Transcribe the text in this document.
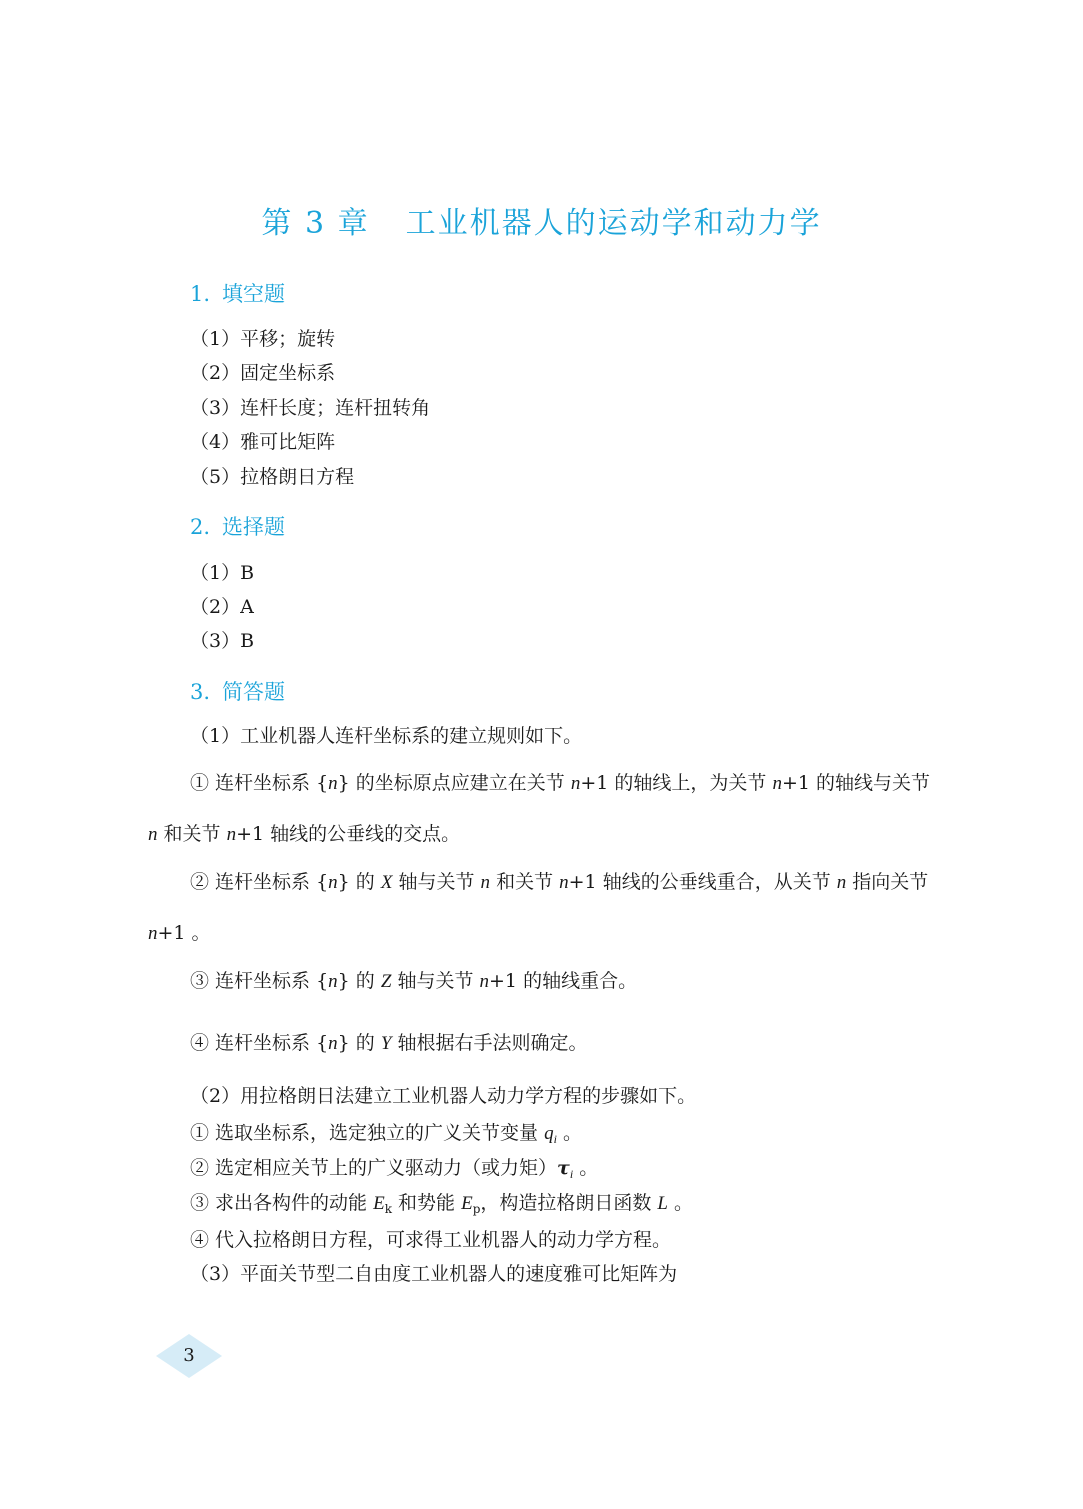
第 3 章 工业机器人的运动学和动力学
1. 填空题
（1）平移；旋转
（2）固定坐标系
（3）连杆长度；连杆扭转角
（4）雅可比矩阵
（5）拉格朗日方程
2. 选择题
（1）B
（2）A
（3）B
3. 简答题
（1）工业机器人连杆坐标系的建立规则如下。
① 连杆坐标系 {n} 的坐标原点应建立在关节 n+1 的轴线上，为关节 n+1 的轴线与关节
n 和关节 n+1 轴线的公垂线的交点。
② 连杆坐标系 {n} 的 X 轴与关节 n 和关节 n+1 轴线的公垂线重合，从关节 n 指向关节
n+1 。
③ 连杆坐标系 {n} 的 Z 轴与关节 n+1 的轴线重合。
④ 连杆坐标系 {n} 的 Y 轴根据右手法则确定。
（2）用拉格朗日法建立工业机器人动力学方程的步骤如下。
① 选取坐标系，选定独立的广义关节变量 $q_i$ 。
② 选定相应关节上的广义驱动力（或力矩）$\tau_i$ 。
③ 求出各构件的动能 $E_k$ 和势能 $E_p$，构造拉格朗日函数 L 。
④ 代入拉格朗日方程，可求得工业机器人的动力学方程。
（3）平面关节型二自由度工业机器人的速度雅可比矩阵为
3
